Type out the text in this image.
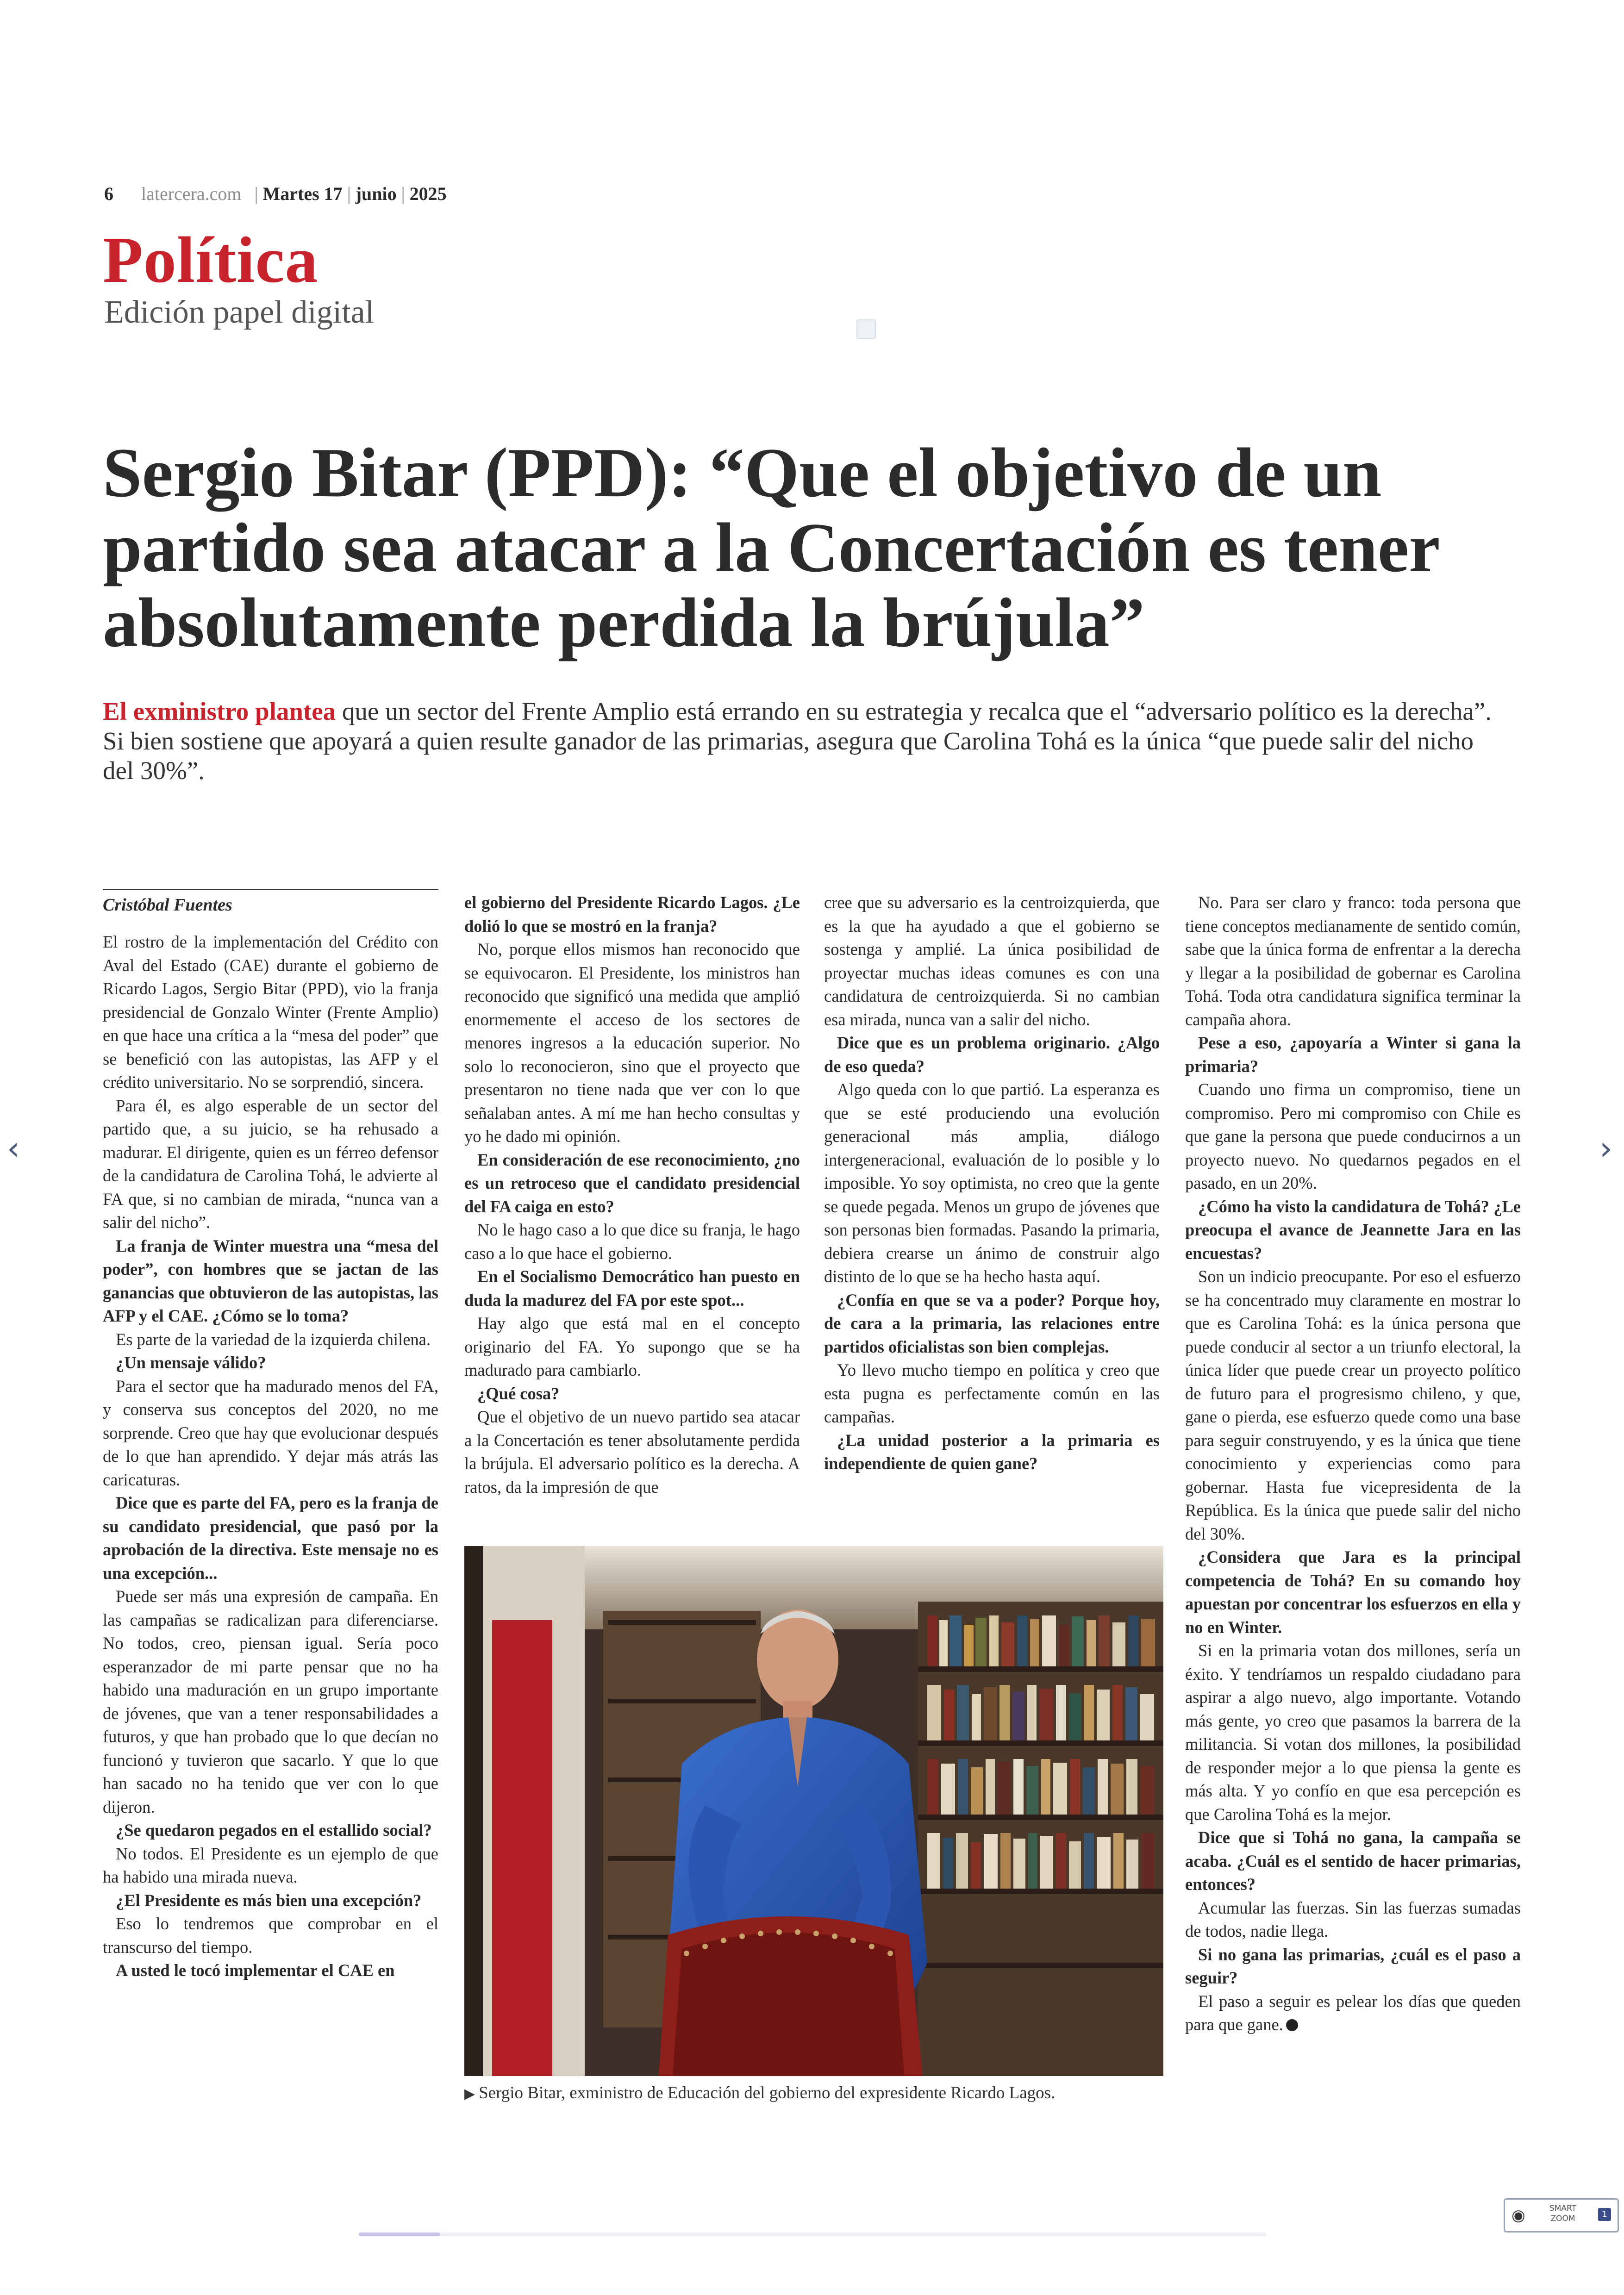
6 latercera.com | Martes 17 | junio | 2025
Política
Edición papel digital
Sergio Bitar (PPD): “Que el objetivo de un partido sea atacar a la Concertación es tener absolutamente perdida la brújula”
El exministro plantea que un sector del Frente Amplio está errando en su estrategia y recalca que el “adversario político es la derecha”. Si bien sostiene que apoyará a quien resulte ganador de las primarias, asegura que Carolina Tohá es la única “que puede salir del nicho del 30%”.
Cristóbal Fuentes

El rostro de la implementación del Crédito con Aval del Estado (CAE) durante el gobierno de Ricardo Lagos, Sergio Bitar (PPD), vio la franja presidencial de Gonzalo Winter (Frente Amplio) en que hace una crítica a la “mesa del poder” que se benefició con las autopistas, las AFP y el crédito universitario. No se sorprendió, sincera.

Para él, es algo esperable de un sector del partido que, a su juicio, se ha rehusado a madurar. El dirigente, quien es un férreo defensor de la candidatura de Carolina Tohá, le advierte al FA que, si no cambian de mirada, “nunca van a salir del nicho”.

La franja de Winter muestra una “mesa del poder”, con hombres que se jactan de las ganancias que obtuvieron de las autopistas, las AFP y el CAE. ¿Cómo se lo toma?

Es parte de la variedad de la izquierda chilena.

¿Un mensaje válido?

Para el sector que ha madurado menos del FA, y conserva sus conceptos del 2020, no me sorprende. Creo que hay que evolucionar después de lo que han aprendido. Y dejar más atrás las caricaturas.

Dice que es parte del FA, pero es la franja de su candidato presidencial, que pasó por la aprobación de la directiva. Este mensaje no es una excepción...

Puede ser más una expresión de campaña. En las campañas se radicalizan para diferenciarse. No todos, creo, piensan igual. Sería poco esperanzador de mi parte pensar que no ha habido una maduración en un grupo importante de jóvenes, que van a tener responsabilidades a futuros, y que han probado que lo que decían no funcionó y tuvieron que sacarlo. Y que lo que han sacado no ha tenido que ver con lo que dijeron.

¿Se quedaron pegados en el estallido social?

No todos. El Presidente es un ejemplo de que ha habido una mirada nueva.

¿El Presidente es más bien una excepción?

Eso lo tendremos que comprobar en el transcurso del tiempo.

A usted le tocó implementar el CAE en

el gobierno del Presidente Ricardo Lagos. ¿Le dolió lo que se mostró en la franja?

No, porque ellos mismos han reconocido que se equivocaron. El Presidente, los ministros han reconocido que significó una medida que amplió enormemente el acceso de los sectores de menores ingresos a la educación superior. No solo lo reconocieron, sino que el proyecto que presentaron no tiene nada que ver con lo que señalaban antes. A mí me han hecho consultas y yo he dado mi opinión.

En consideración de ese reconocimiento, ¿no es un retroceso que el candidato presidencial del FA caiga en esto?

No le hago caso a lo que dice su franja, le hago caso a lo que hace el gobierno.

En el Socialismo Democrático han puesto en duda la madurez del FA por este spot...

Hay algo que está mal en el concepto originario del FA. Yo supongo que se ha madurado para cambiarlo.

¿Qué cosa?

Que el objetivo de un nuevo partido sea atacar a la Concertación es tener absolutamente perdida la brújula. El adversario político es la derecha. A ratos, da la impresión de que

cree que su adversario es la centroizquierda, que es la que ha ayudado a que el gobierno se sostenga y amplié. La única posibilidad de proyectar muchas ideas comunes es con una candidatura de centroizquierda. Si no cambian esa mirada, nunca van a salir del nicho.

Dice que es un problema originario. ¿Algo de eso queda?

Algo queda con lo que partió. La esperanza es que se esté produciendo una evolución generacional más amplia, diálogo intergeneracional, evaluación de lo posible y lo imposible. Yo soy optimista, no creo que la gente se quede pegada. Menos un grupo de jóvenes que son personas bien formadas. Pasando la primaria, debiera crearse un ánimo de construir algo distinto de lo que se ha hecho hasta aquí.

¿Confía en que se va a poder? Porque hoy, de cara a la primaria, las relaciones entre partidos oficialistas son bien complejas.

Yo llevo mucho tiempo en política y creo que esta pugna es perfectamente común en las campañas.

¿La unidad posterior a la primaria es independiente de quien gane?

No. Para ser claro y franco: toda persona que tiene conceptos medianamente de sentido común, sabe que la única forma de enfrentar a la derecha y llegar a la posibilidad de gobernar es Carolina Tohá. Toda otra candidatura significa terminar la campaña ahora.

Pese a eso, ¿apoyaría a Winter si gana la primaria?

Cuando uno firma un compromiso, tiene un compromiso. Pero mi compromiso con Chile es que gane la persona que puede conducirnos a un proyecto nuevo. No quedarnos pegados en el pasado, en un 20%.

¿Cómo ha visto la candidatura de Tohá? ¿Le preocupa el avance de Jeannette Jara en las encuestas?

Son un indicio preocupante. Por eso el esfuerzo se ha concentrado muy claramente en mostrar lo que es Carolina Tohá: es la única persona que puede conducir al sector a un triunfo electoral, la única líder que puede crear un proyecto político de futuro para el progresismo chileno, y que, gane o pierda, ese esfuerzo quede como una base para seguir construyendo, y es la única que tiene conocimiento y experiencias como para gobernar. Hasta fue vicepresidenta de la República. Es la única que puede salir del nicho del 30%.

¿Considera que Jara es la principal competencia de Tohá? En su comando hoy apuestan por concentrar los esfuerzos en ella y no en Winter.

Si en la primaria votan dos millones, sería un éxito. Y tendríamos un respaldo ciudadano para aspirar a algo nuevo, algo importante. Votando más gente, yo creo que pasamos la barrera de la militancia. Si votan dos millones, la posibilidad de responder mejor a lo que piensa la gente es más alta. Y yo confío en que esa percepción es que Carolina Tohá es la mejor.

Dice que si Tohá no gana, la campaña se acaba. ¿Cuál es el sentido de hacer primarias, entonces?

Acumular las fuerzas. Sin las fuerzas sumadas de todos, nadie llega.

Si no gana las primarias, ¿cuál es el paso a seguir?

El paso a seguir es pelear los días que queden para que gane.

▶ Sergio Bitar, exministro de Educación del gobierno del expresidente Ricardo Lagos.
‹	›
◉	SMART
ZOOM	1
